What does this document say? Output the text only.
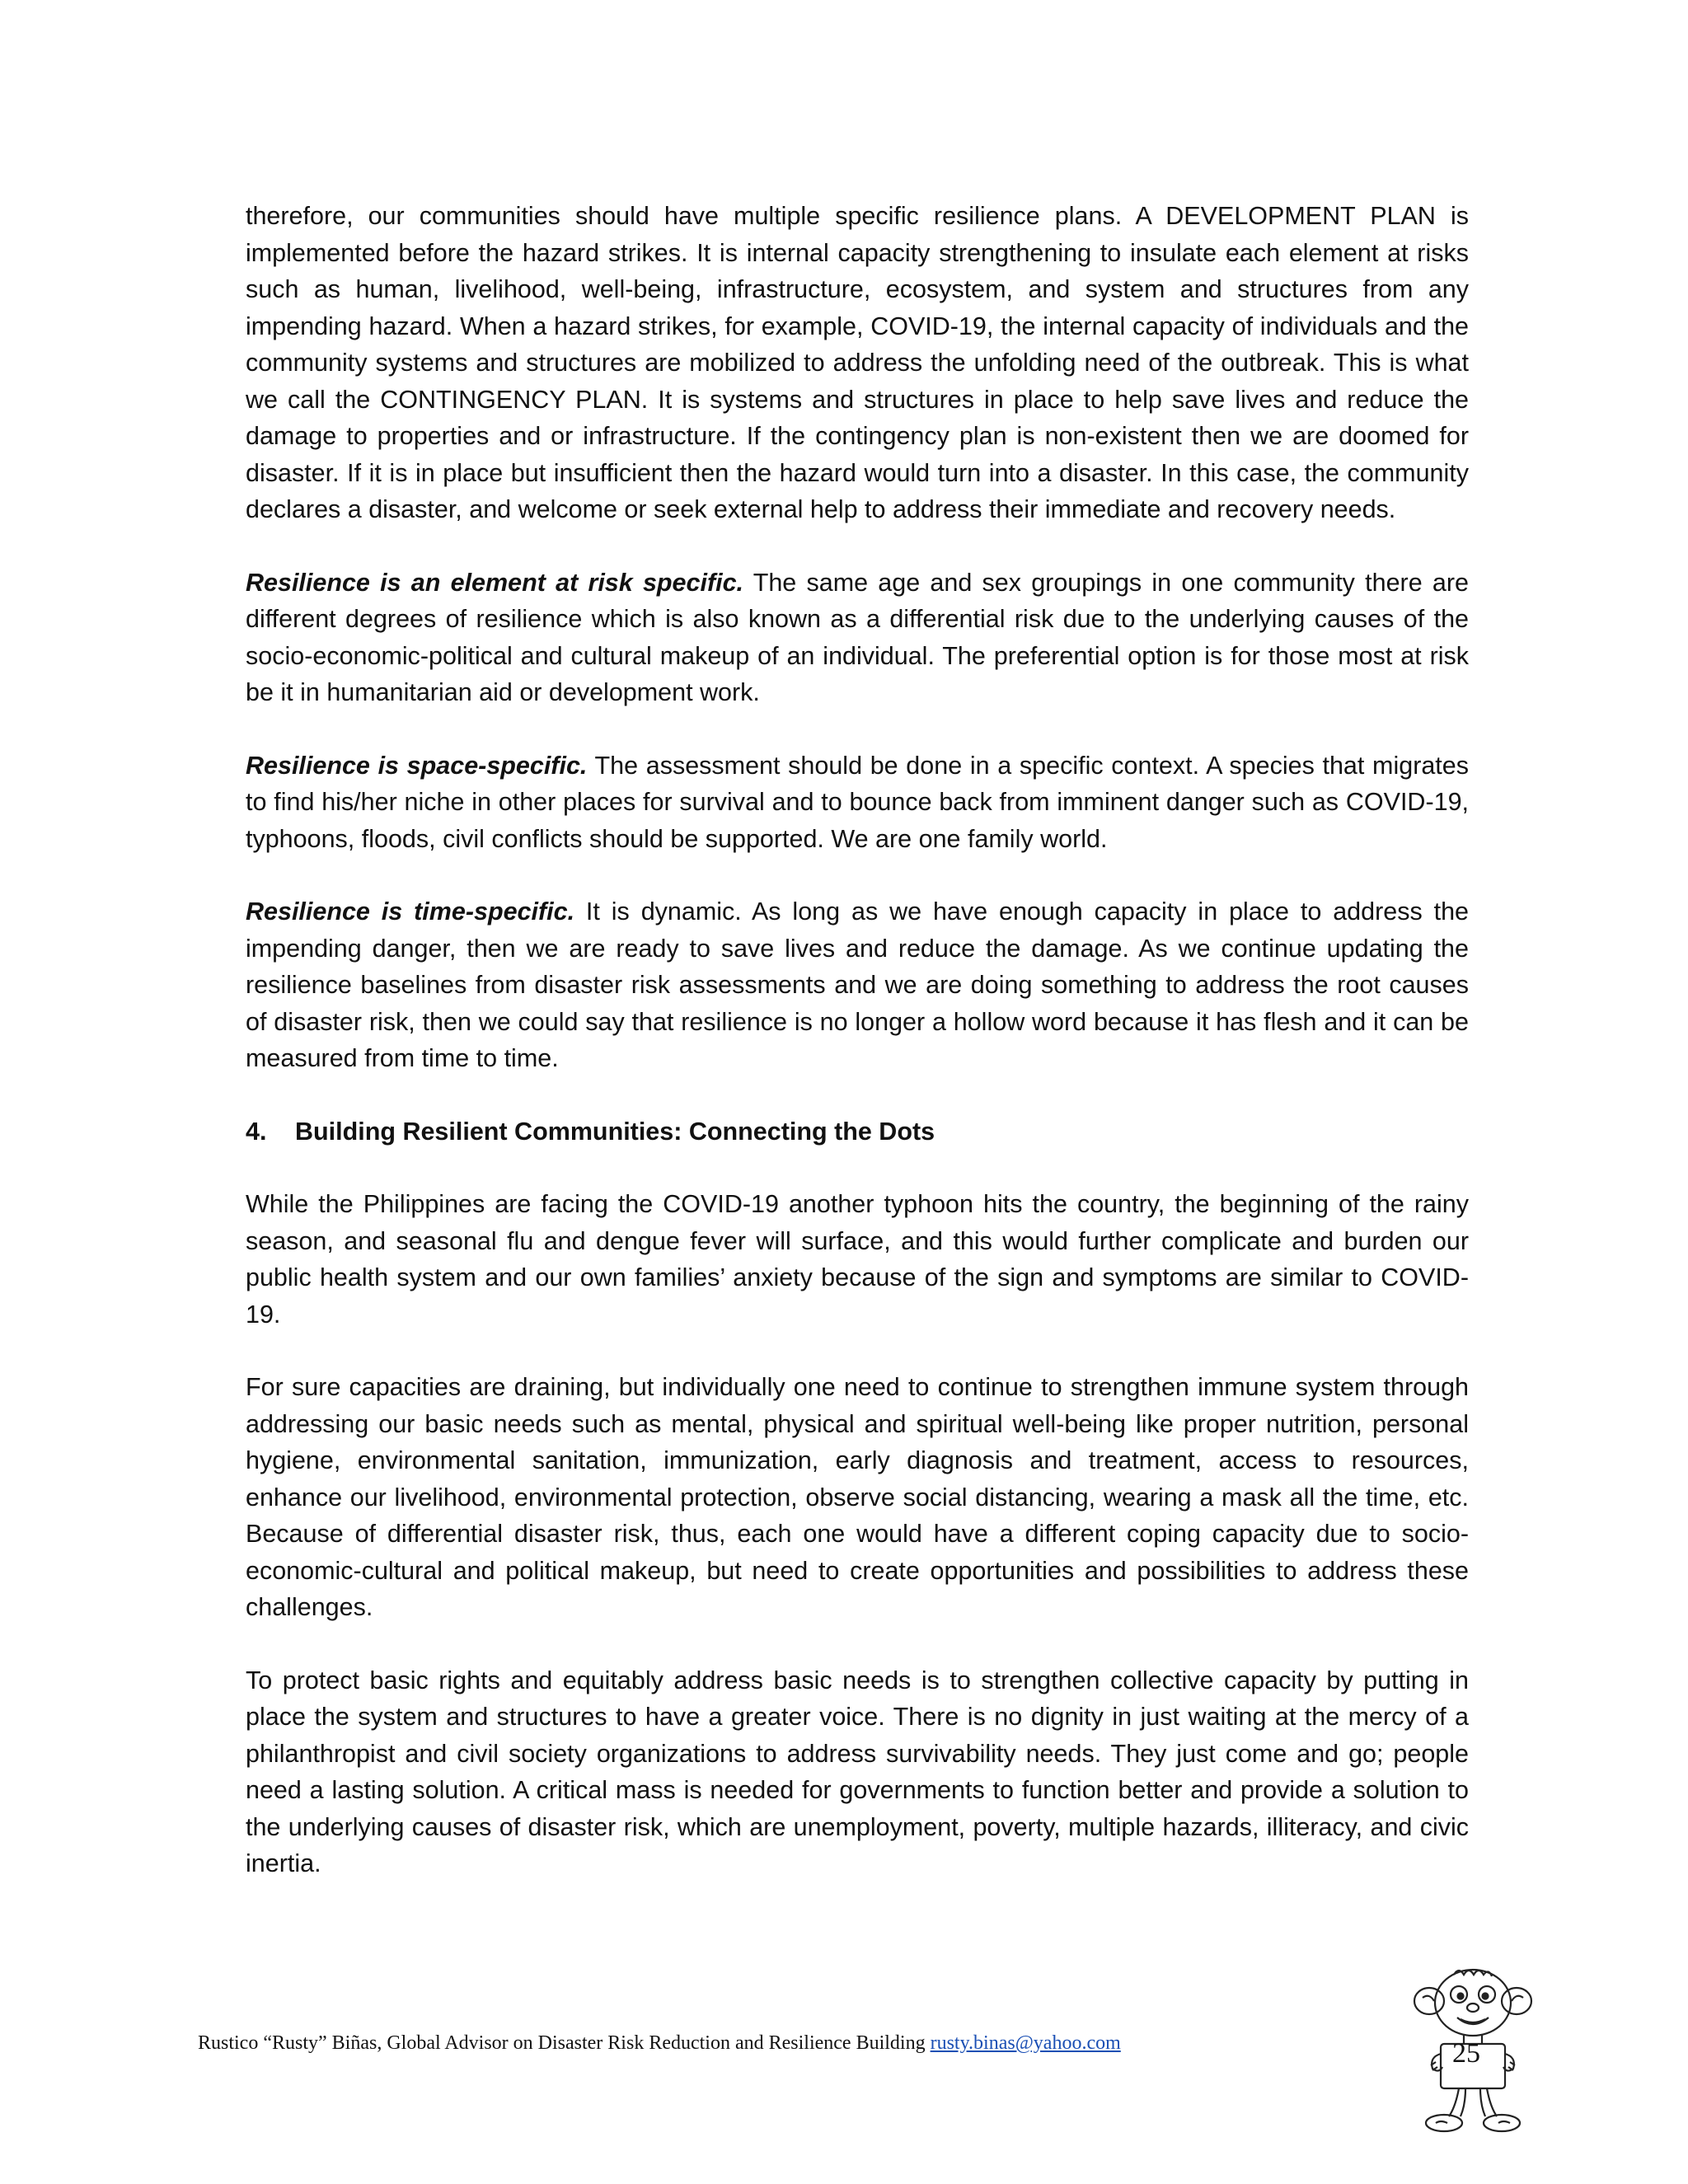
therefore, our communities should have multiple specific resilience plans. A DEVELOPMENT PLAN is implemented before the hazard strikes. It is internal capacity strengthening to insulate each element at risks such as human, livelihood, well-being, infrastructure, ecosystem, and system and structures from any impending hazard. When a hazard strikes, for example, COVID-19, the internal capacity of individuals and the community systems and structures are mobilized to address the unfolding need of the outbreak. This is what we call the CONTINGENCY PLAN. It is systems and structures in place to help save lives and reduce the damage to properties and or infrastructure. If the contingency plan is non-existent then we are doomed for disaster. If it is in place but insufficient then the hazard would turn into a disaster. In this case, the community declares a disaster, and welcome or seek external help to address their immediate and recovery needs.

Resilience is an element at risk specific. The same age and sex groupings in one community there are different degrees of resilience which is also known as a differential risk due to the underlying causes of the socio-economic-political and cultural makeup of an individual. The preferential option is for those most at risk be it in humanitarian aid or development work.

Resilience is space-specific. The assessment should be done in a specific context. A species that migrates to find his/her niche in other places for survival and to bounce back from imminent danger such as COVID-19, typhoons, floods, civil conflicts should be supported. We are one family world.

Resilience is time-specific. It is dynamic. As long as we have enough capacity in place to address the impending danger, then we are ready to save lives and reduce the damage. As we continue updating the resilience baselines from disaster risk assessments and we are doing something to address the root causes of disaster risk, then we could say that resilience is no longer a hollow word because it has flesh and it can be measured from time to time.

4. Building Resilient Communities: Connecting the Dots

While the Philippines are facing the COVID-19 another typhoon hits the country, the beginning of the rainy season, and seasonal flu and dengue fever will surface, and this would further complicate and burden our public health system and our own families’ anxiety because of the sign and symptoms are similar to COVID-19.

For sure capacities are draining, but individually one need to continue to strengthen immune system through addressing our basic needs such as mental, physical and spiritual well-being like proper nutrition, personal hygiene, environmental sanitation, immunization, early diagnosis and treatment, access to resources, enhance our livelihood, environmental protection, observe social distancing, wearing a mask all the time, etc. Because of differential disaster risk, thus, each one would have a different coping capacity due to socio-economic-cultural and political makeup, but need to create opportunities and possibilities to address these challenges.

To protect basic rights and equitably address basic needs is to strengthen collective capacity by putting in place the system and structures to have a greater voice. There is no dignity in just waiting at the mercy of a philanthropist and civil society organizations to address survivability needs. They just come and go; people need a lasting solution. A critical mass is needed for governments to function better and provide a solution to the underlying causes of disaster risk, which are unemployment, poverty, multiple hazards, illiteracy, and civic inertia.

Rustico “Rusty” Biñas, Global Advisor on Disaster Risk Reduction and Resilience Building rusty.binas@yahoo.com	25
